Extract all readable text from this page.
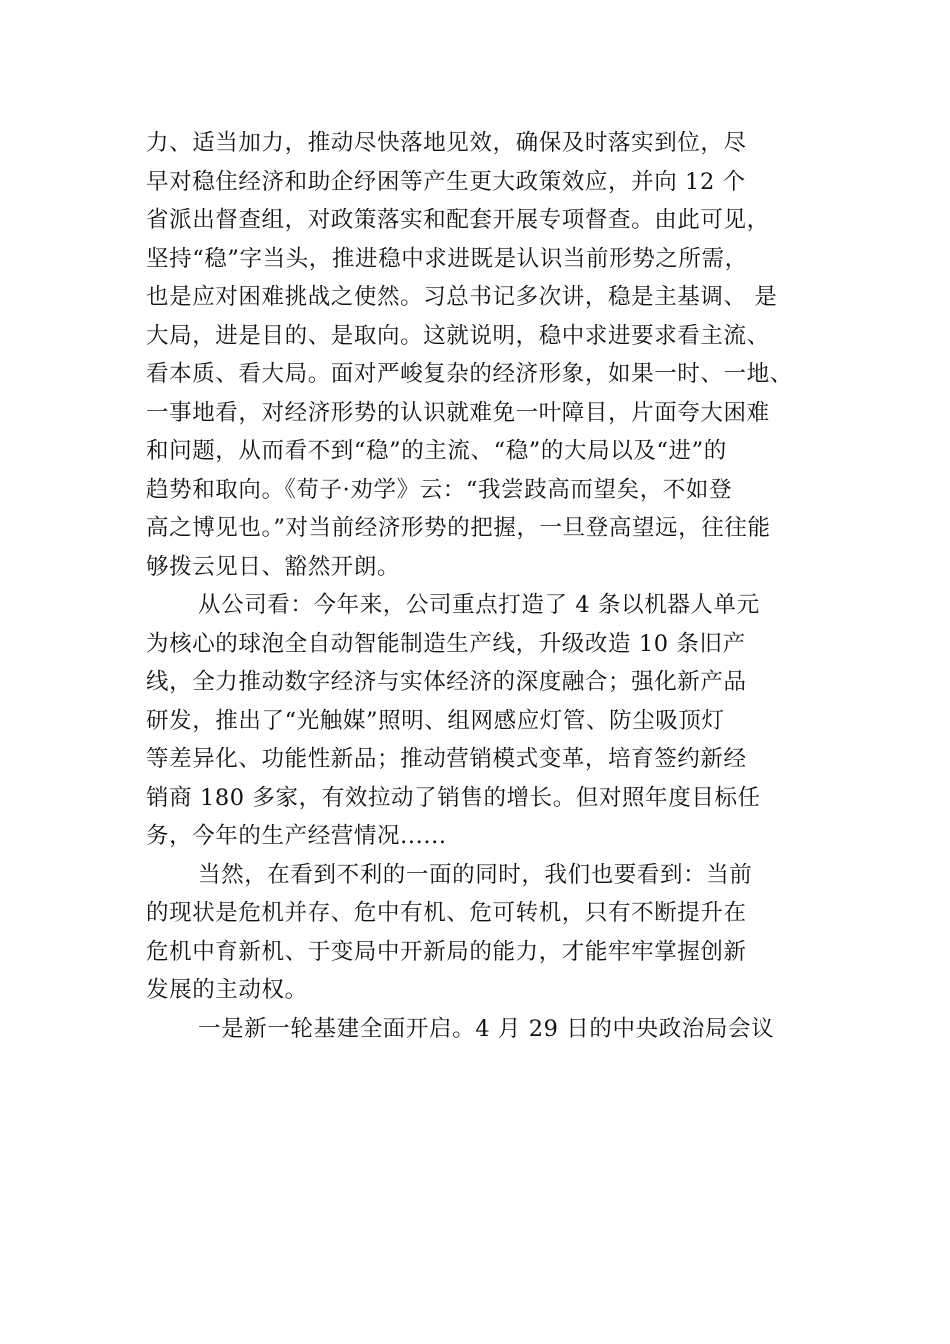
力、适当加力，推动尽快落地见效，确保及时落实到位，尽
早对稳住经济和助企纾困等产生更大政策效应，并向 12 个
省派出督查组，对政策落实和配套开展专项督查。由此可见，
坚持“稳”字当头，推进稳中求进既是认识当前形势之所需，
也是应对困难挑战之使然。习总书记多次讲，稳是主基调、 是
大局，进是目的、是取向。这就说明，稳中求进要求看主流、
看本质、看大局。面对严峻复杂的经济形象，如果一时、一地、
一事地看，对经济形势的认识就难免一叶障目，片面夸大困难
和问题，从而看不到“稳”的主流、“稳”的大局以及“进”的
趋势和取向。《荀子·劝学》云：“我尝跂高而望矣，不如登
高之博见也。”对当前经济形势的把握，一旦登高望远，往往能
够拨云见日、豁然开朗。
从公司看：今年来，公司重点打造了 4 条以机器人单元
为核心的球泡全自动智能制造生产线，升级改造 10 条旧产
线，全力推动数字经济与实体经济的深度融合；强化新产品
研发，推出了“光触媒”照明、组网感应灯管、防尘吸顶灯
等差异化、功能性新品；推动营销模式变革，培育签约新经
销商 180 多家，有效拉动了销售的增长。但对照年度目标任
务，今年的生产经营情况......
当然，在看到不利的一面的同时，我们也要看到：当前
的现状是危机并存、危中有机、危可转机，只有不断提升在
危机中育新机、于变局中开新局的能力，才能牢牢掌握创新
发展的主动权。
一是新一轮基建全面开启。4 月 29 日的中央政治局会议
